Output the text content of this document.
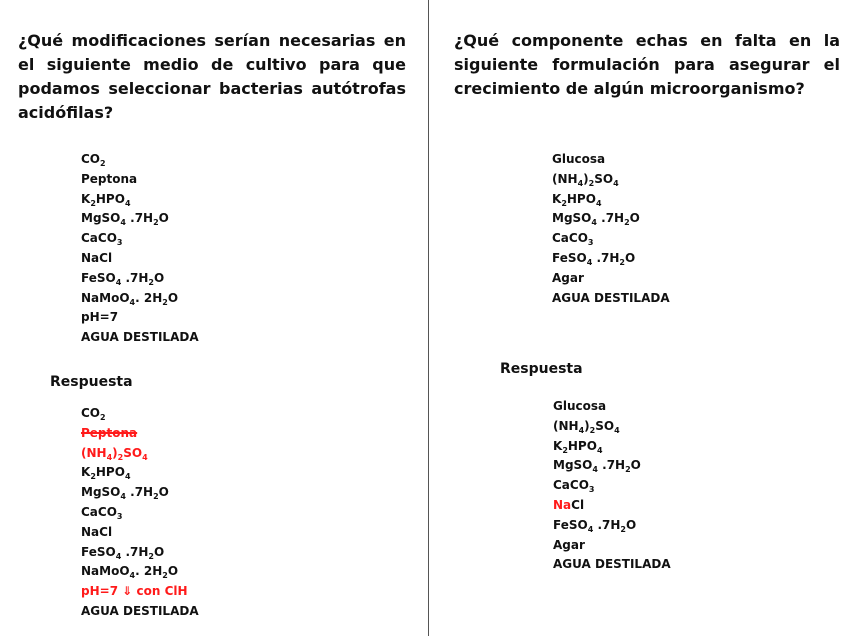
¿Qué modificaciones serían necesarias en el siguiente medio de cultivo para que podamos seleccionar bacterias autótrofas acidófilas?

$CO_2$
Peptona
$K_2HPO_4$
MgSO$_4$ $.7H_2O$
CaCO$_3$
NaCl
FeSO$_4$ $.7H_2O$
NaMoO$_4$. $2H_2O$
pH=7
AGUA DESTILADA

Respuesta

$CO_2$
Peptona
$(NH_4)_2SO_4$
$K_2HPO_4$
MgSO$_4$ $.7H_2O$
CaCO$_3$
NaCl
FeSO$_4$ $.7H_2O$
NaMoO$_4$. $2H_2O$
pH=7 ⇓ con ClH
AGUA DESTILADA

¿Qué componente echas en falta en la siguiente formulación para asegurar el crecimiento de algún microorganismo?

Glucosa
$(NH_4)_2SO_4$
$K_2HPO_4$
MgSO$_4$ $.7H_2O$
CaCO$_3$
FeSO$_4$ $.7H_2O$
Agar
AGUA DESTILADA

Respuesta

Glucosa
$(NH_4)_2SO_4$
$K_2HPO_4$
MgSO$_4$ $.7H_2O$
CaCO$_3$
NaCl
FeSO$_4$ $.7H_2O$
Agar
AGUA DESTILADA
